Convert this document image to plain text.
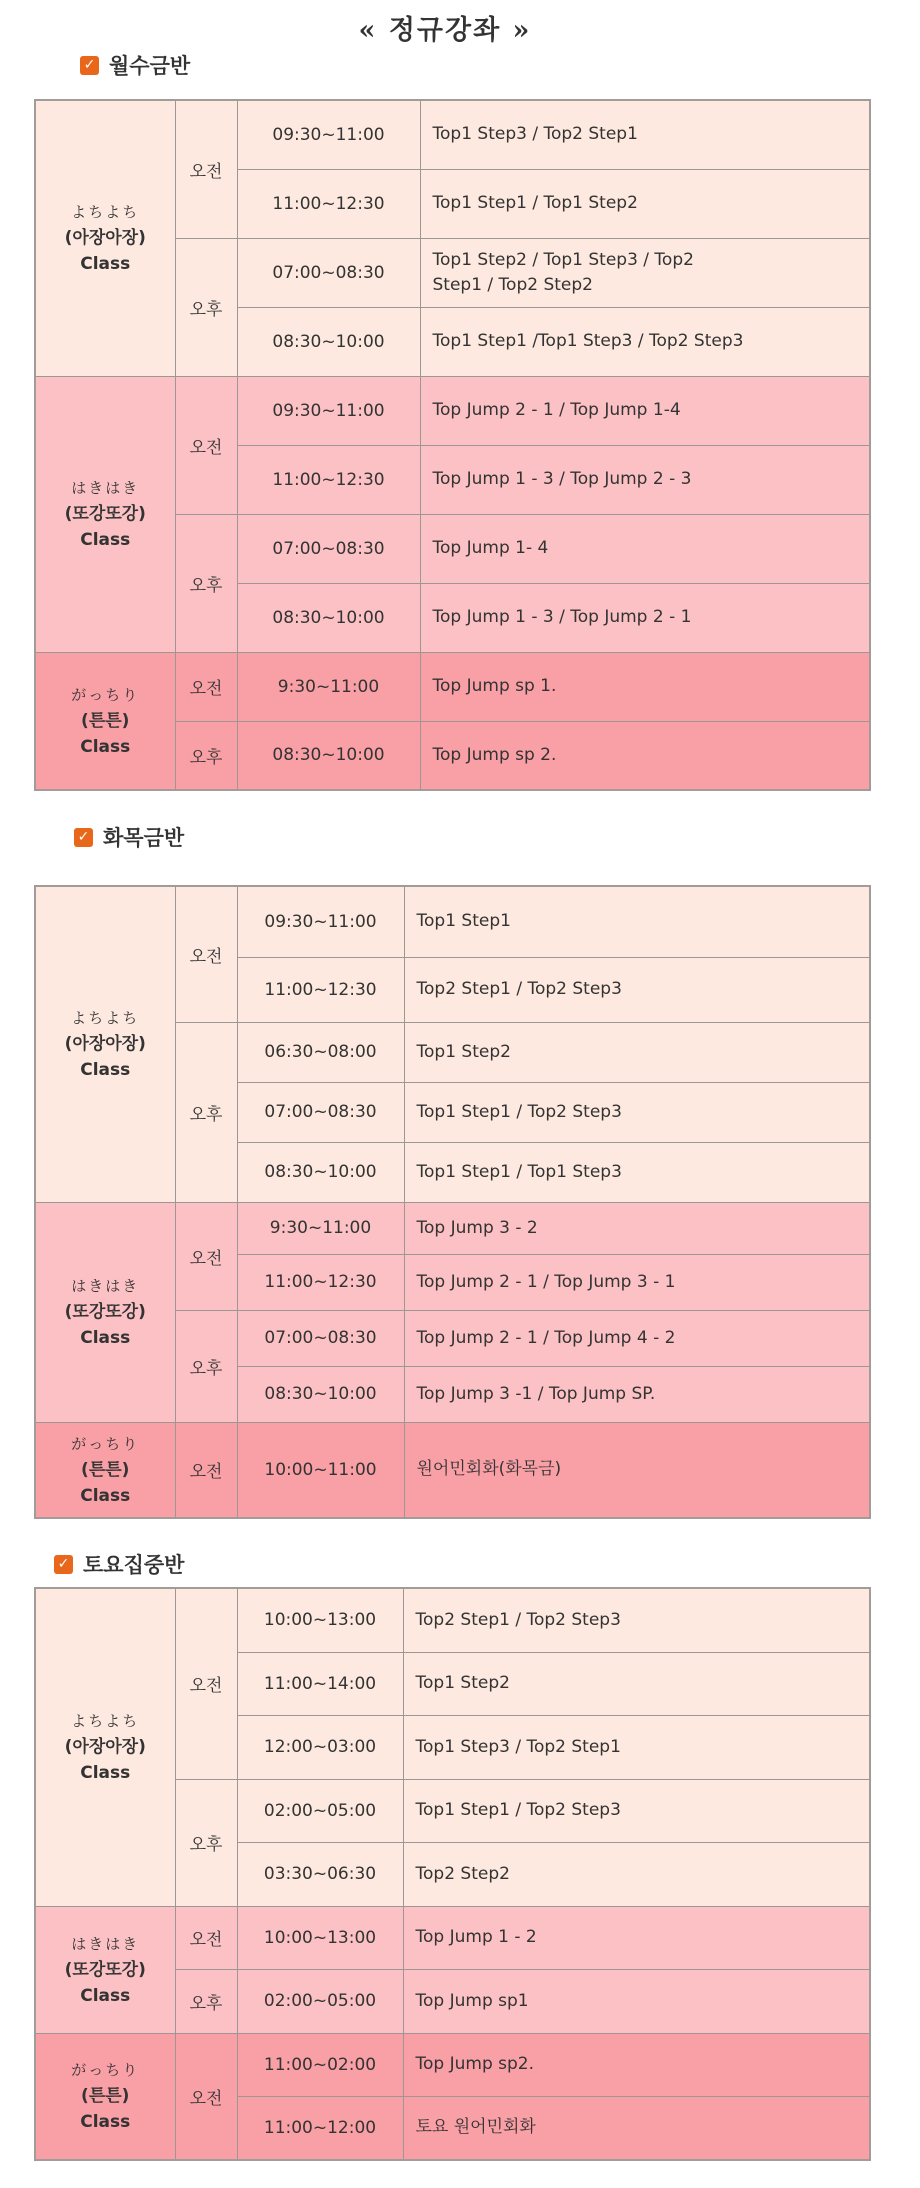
« 정규강좌 »
✓ 월수금반
よちよち
(아장아장)
Class	오전	09:30~11:00	Top1 Step3 / Top2 Step1
		11:00~12:30	Top1 Step1 / Top1 Step2
	오후	07:00~08:30	Top1 Step2 / Top1 Step3 / Top2 Step1 / Top2 Step2
		08:30~10:00	Top1 Step1 /Top1 Step3 / Top2 Step3

はきはき
(또강또강)
Class	오전	09:30~11:00	Top Jump 2 - 1 / Top Jump 1-4
		11:00~12:30	Top Jump 1 - 3 / Top Jump 2 - 3
	오후	07:00~08:30	Top Jump 1- 4
		08:30~10:00	Top Jump 1 - 3 / Top Jump 2 - 1

がっちり
(튼튼)
Class	오전	9:30~11:00	Top Jump sp 1.
	오후	08:30~10:00	Top Jump sp 2.
✓ 화목금반
よちよち
(아장아장)
Class	오전	09:30~11:00	Top1 Step1
		11:00~12:30	Top2 Step1 / Top2 Step3
	오후	06:30~08:00	Top1 Step2
		07:00~08:30	Top1 Step1 / Top2 Step3
		08:30~10:00	Top1 Step1 / Top1 Step3

はきはき
(또강또강)
Class	오전	9:30~11:00	Top Jump 3 - 2
		11:00~12:30	Top Jump 2 - 1 / Top Jump 3 - 1
	오후	07:00~08:30	Top Jump 2 - 1 / Top Jump 4 - 2
		08:30~10:00	Top Jump 3 -1 / Top Jump SP.

がっちり
(튼튼)
Class	오전	10:00~11:00	원어민회화(화목금)
✓ 토요집중반
よちよち
(아장아장)
Class	오전	10:00~13:00	Top2 Step1 / Top2 Step3
		11:00~14:00	Top1 Step2
		12:00~03:00	Top1 Step3 / Top2 Step1
	오후	02:00~05:00	Top1 Step1 / Top2 Step3
		03:30~06:30	Top2 Step2

はきはき
(또강또강)
Class	오전	10:00~13:00	Top Jump 1 - 2
	오후	02:00~05:00	Top Jump sp1

がっちり
(튼튼)
Class	오전	11:00~02:00	Top Jump sp2.
		11:00~12:00	토요 원어민회화
